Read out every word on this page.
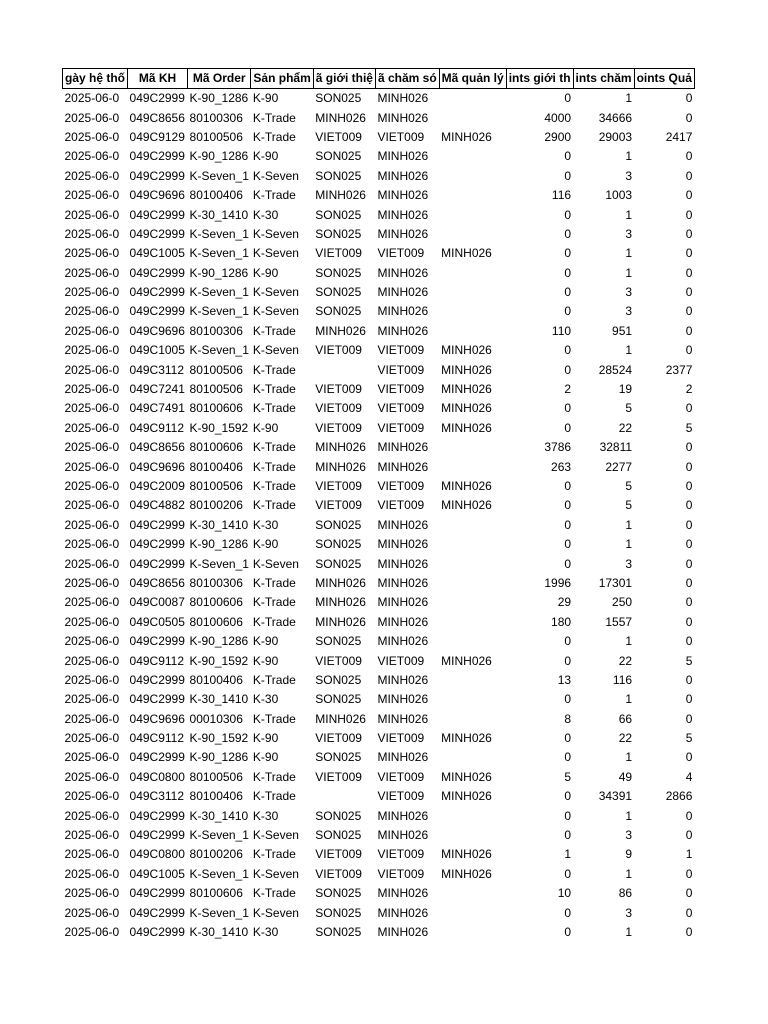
gày hệ thố	Mã KH	Mã Order	Sản phẩm	ã giới thiệ	ã chăm só	Mã quản lý	ints giới th	ints chăm	oints Quả
2025-06-0	049C2999	K-90_1286	K-90	SON025	MINH026		0	1	0
2025-06-0	049C8656	80100306	K-Trade	MINH026	MINH026		4000	34666	0
2025-06-0	049C9129	80100506	K-Trade	VIET009	VIET009	MINH026	2900	29003	2417
2025-06-0	049C2999	K-90_1286	K-90	SON025	MINH026		0	1	0
2025-06-0	049C2999	K-Seven_1	K-Seven	SON025	MINH026		0	3	0
2025-06-0	049C9696	80100406	K-Trade	MINH026	MINH026		116	1003	0
2025-06-0	049C2999	K-30_1410	K-30	SON025	MINH026		0	1	0
2025-06-0	049C2999	K-Seven_1	K-Seven	SON025	MINH026		0	3	0
2025-06-0	049C1005	K-Seven_1	K-Seven	VIET009	VIET009	MINH026	0	1	0
2025-06-0	049C2999	K-90_1286	K-90	SON025	MINH026		0	1	0
2025-06-0	049C2999	K-Seven_1	K-Seven	SON025	MINH026		0	3	0
2025-06-0	049C2999	K-Seven_1	K-Seven	SON025	MINH026		0	3	0
2025-06-0	049C9696	80100306	K-Trade	MINH026	MINH026		110	951	0
2025-06-0	049C1005	K-Seven_1	K-Seven	VIET009	VIET009	MINH026	0	1	0
2025-06-0	049C3112	80100506	K-Trade		VIET009	MINH026	0	28524	2377
2025-06-0	049C7241	80100506	K-Trade	VIET009	VIET009	MINH026	2	19	2
2025-06-0	049C7491	80100606	K-Trade	VIET009	VIET009	MINH026	0	5	0
2025-06-0	049C9112	K-90_1592	K-90	VIET009	VIET009	MINH026	0	22	5
2025-06-0	049C8656	80100606	K-Trade	MINH026	MINH026		3786	32811	0
2025-06-0	049C9696	80100406	K-Trade	MINH026	MINH026		263	2277	0
2025-06-0	049C2009	80100506	K-Trade	VIET009	VIET009	MINH026	0	5	0
2025-06-0	049C4882	80100206	K-Trade	VIET009	VIET009	MINH026	0	5	0
2025-06-0	049C2999	K-30_1410	K-30	SON025	MINH026		0	1	0
2025-06-0	049C2999	K-90_1286	K-90	SON025	MINH026		0	1	0
2025-06-0	049C2999	K-Seven_1	K-Seven	SON025	MINH026		0	3	0
2025-06-0	049C8656	80100306	K-Trade	MINH026	MINH026		1996	17301	0
2025-06-0	049C0087	80100606	K-Trade	MINH026	MINH026		29	250	0
2025-06-0	049C0505	80100606	K-Trade	MINH026	MINH026		180	1557	0
2025-06-0	049C2999	K-90_1286	K-90	SON025	MINH026		0	1	0
2025-06-0	049C9112	K-90_1592	K-90	VIET009	VIET009	MINH026	0	22	5
2025-06-0	049C2999	80100406	K-Trade	SON025	MINH026		13	116	0
2025-06-0	049C2999	K-30_1410	K-30	SON025	MINH026		0	1	0
2025-06-0	049C9696	00010306	K-Trade	MINH026	MINH026		8	66	0
2025-06-0	049C9112	K-90_1592	K-90	VIET009	VIET009	MINH026	0	22	5
2025-06-0	049C2999	K-90_1286	K-90	SON025	MINH026		0	1	0
2025-06-0	049C0800	80100506	K-Trade	VIET009	VIET009	MINH026	5	49	4
2025-06-0	049C3112	80100406	K-Trade		VIET009	MINH026	0	34391	2866
2025-06-0	049C2999	K-30_1410	K-30	SON025	MINH026		0	1	0
2025-06-0	049C2999	K-Seven_1	K-Seven	SON025	MINH026		0	3	0
2025-06-0	049C0800	80100206	K-Trade	VIET009	VIET009	MINH026	1	9	1
2025-06-0	049C1005	K-Seven_1	K-Seven	VIET009	VIET009	MINH026	0	1	0
2025-06-0	049C2999	80100606	K-Trade	SON025	MINH026		10	86	0
2025-06-0	049C2999	K-Seven_1	K-Seven	SON025	MINH026		0	3	0
2025-06-0	049C2999	K-30_1410	K-30	SON025	MINH026		0	1	0
